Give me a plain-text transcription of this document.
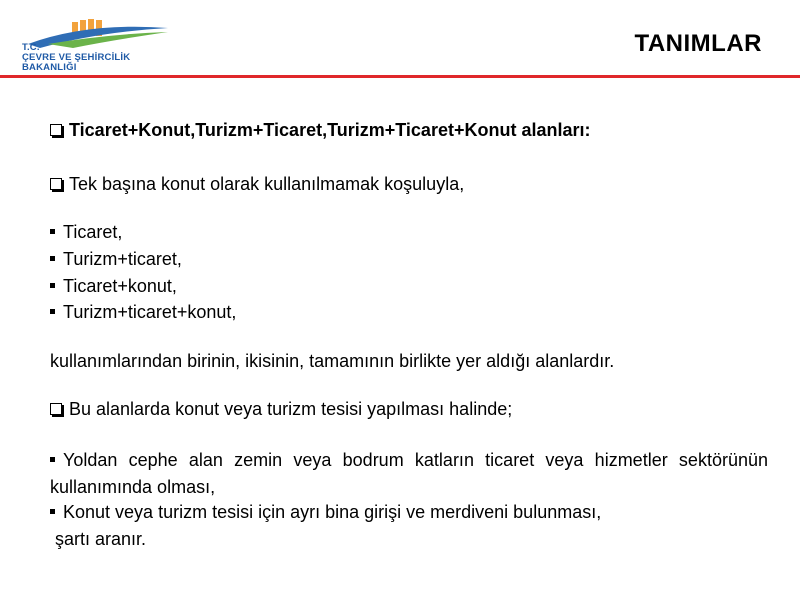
T.C.
ÇEVRE VE ŞEHİRCİLİK
BAKANLIĞI
TANIMLAR
Ticaret+Konut,Turizm+Ticaret,Turizm+Ticaret+Konut alanları:
Tek başına konut olarak kullanılmamak koşuluyla,
Ticaret,
Turizm+ticaret,
Ticaret+konut,
Turizm+ticaret+konut,
kullanımlarından birinin, ikisinin, tamamının birlikte yer aldığı alanlardır.
Bu alanlarda konut veya turizm tesisi yapılması halinde;
Yoldan cephe alan zemin veya bodrum katların ticaret veya hizmetler sektörünün
kullanımında olması,
Konut veya turizm tesisi için ayrı bina girişi ve merdiveni bulunması,
şartı aranır.
